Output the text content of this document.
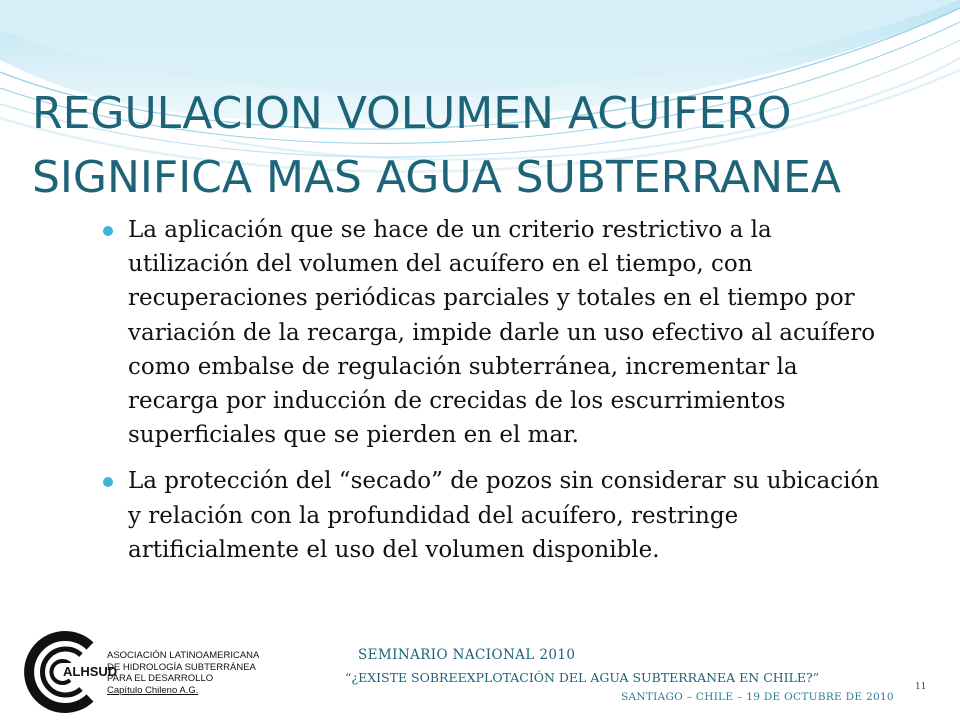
REGULACION VOLUMEN ACUIFERO
SIGNIFICA MAS AGUA SUBTERRANEA
La aplicación que se hace de un criterio restrictivo a la utilización del volumen del acuífero en el tiempo, con recuperaciones periódicas parciales y totales en el tiempo por variación de la recarga, impide darle un uso efectivo al acuífero como embalse de regulación subterránea, incrementar la recarga por inducción de crecidas de los escurrimientos superficiales que se pierden en el mar.
La protección del “secado” de pozos sin considerar su ubicación y relación con la profundidad del acuífero, restringe artificialmente el uso del volumen disponible.
ALHSUD
ASOCIACIÓN LATINOAMERICANA
DE HIDROLOGÍA SUBTERRÁNEA
PARA EL DESARROLLO
Capítulo Chileno A.G.
SEMINARIO NACIONAL 2010
“¿EXISTE SOBREEXPLOTACIÓN DEL AGUA SUBTERRANEA EN CHILE?”
SANTIAGO – CHILE – 19 DE OCTUBRE DE 2010
11
